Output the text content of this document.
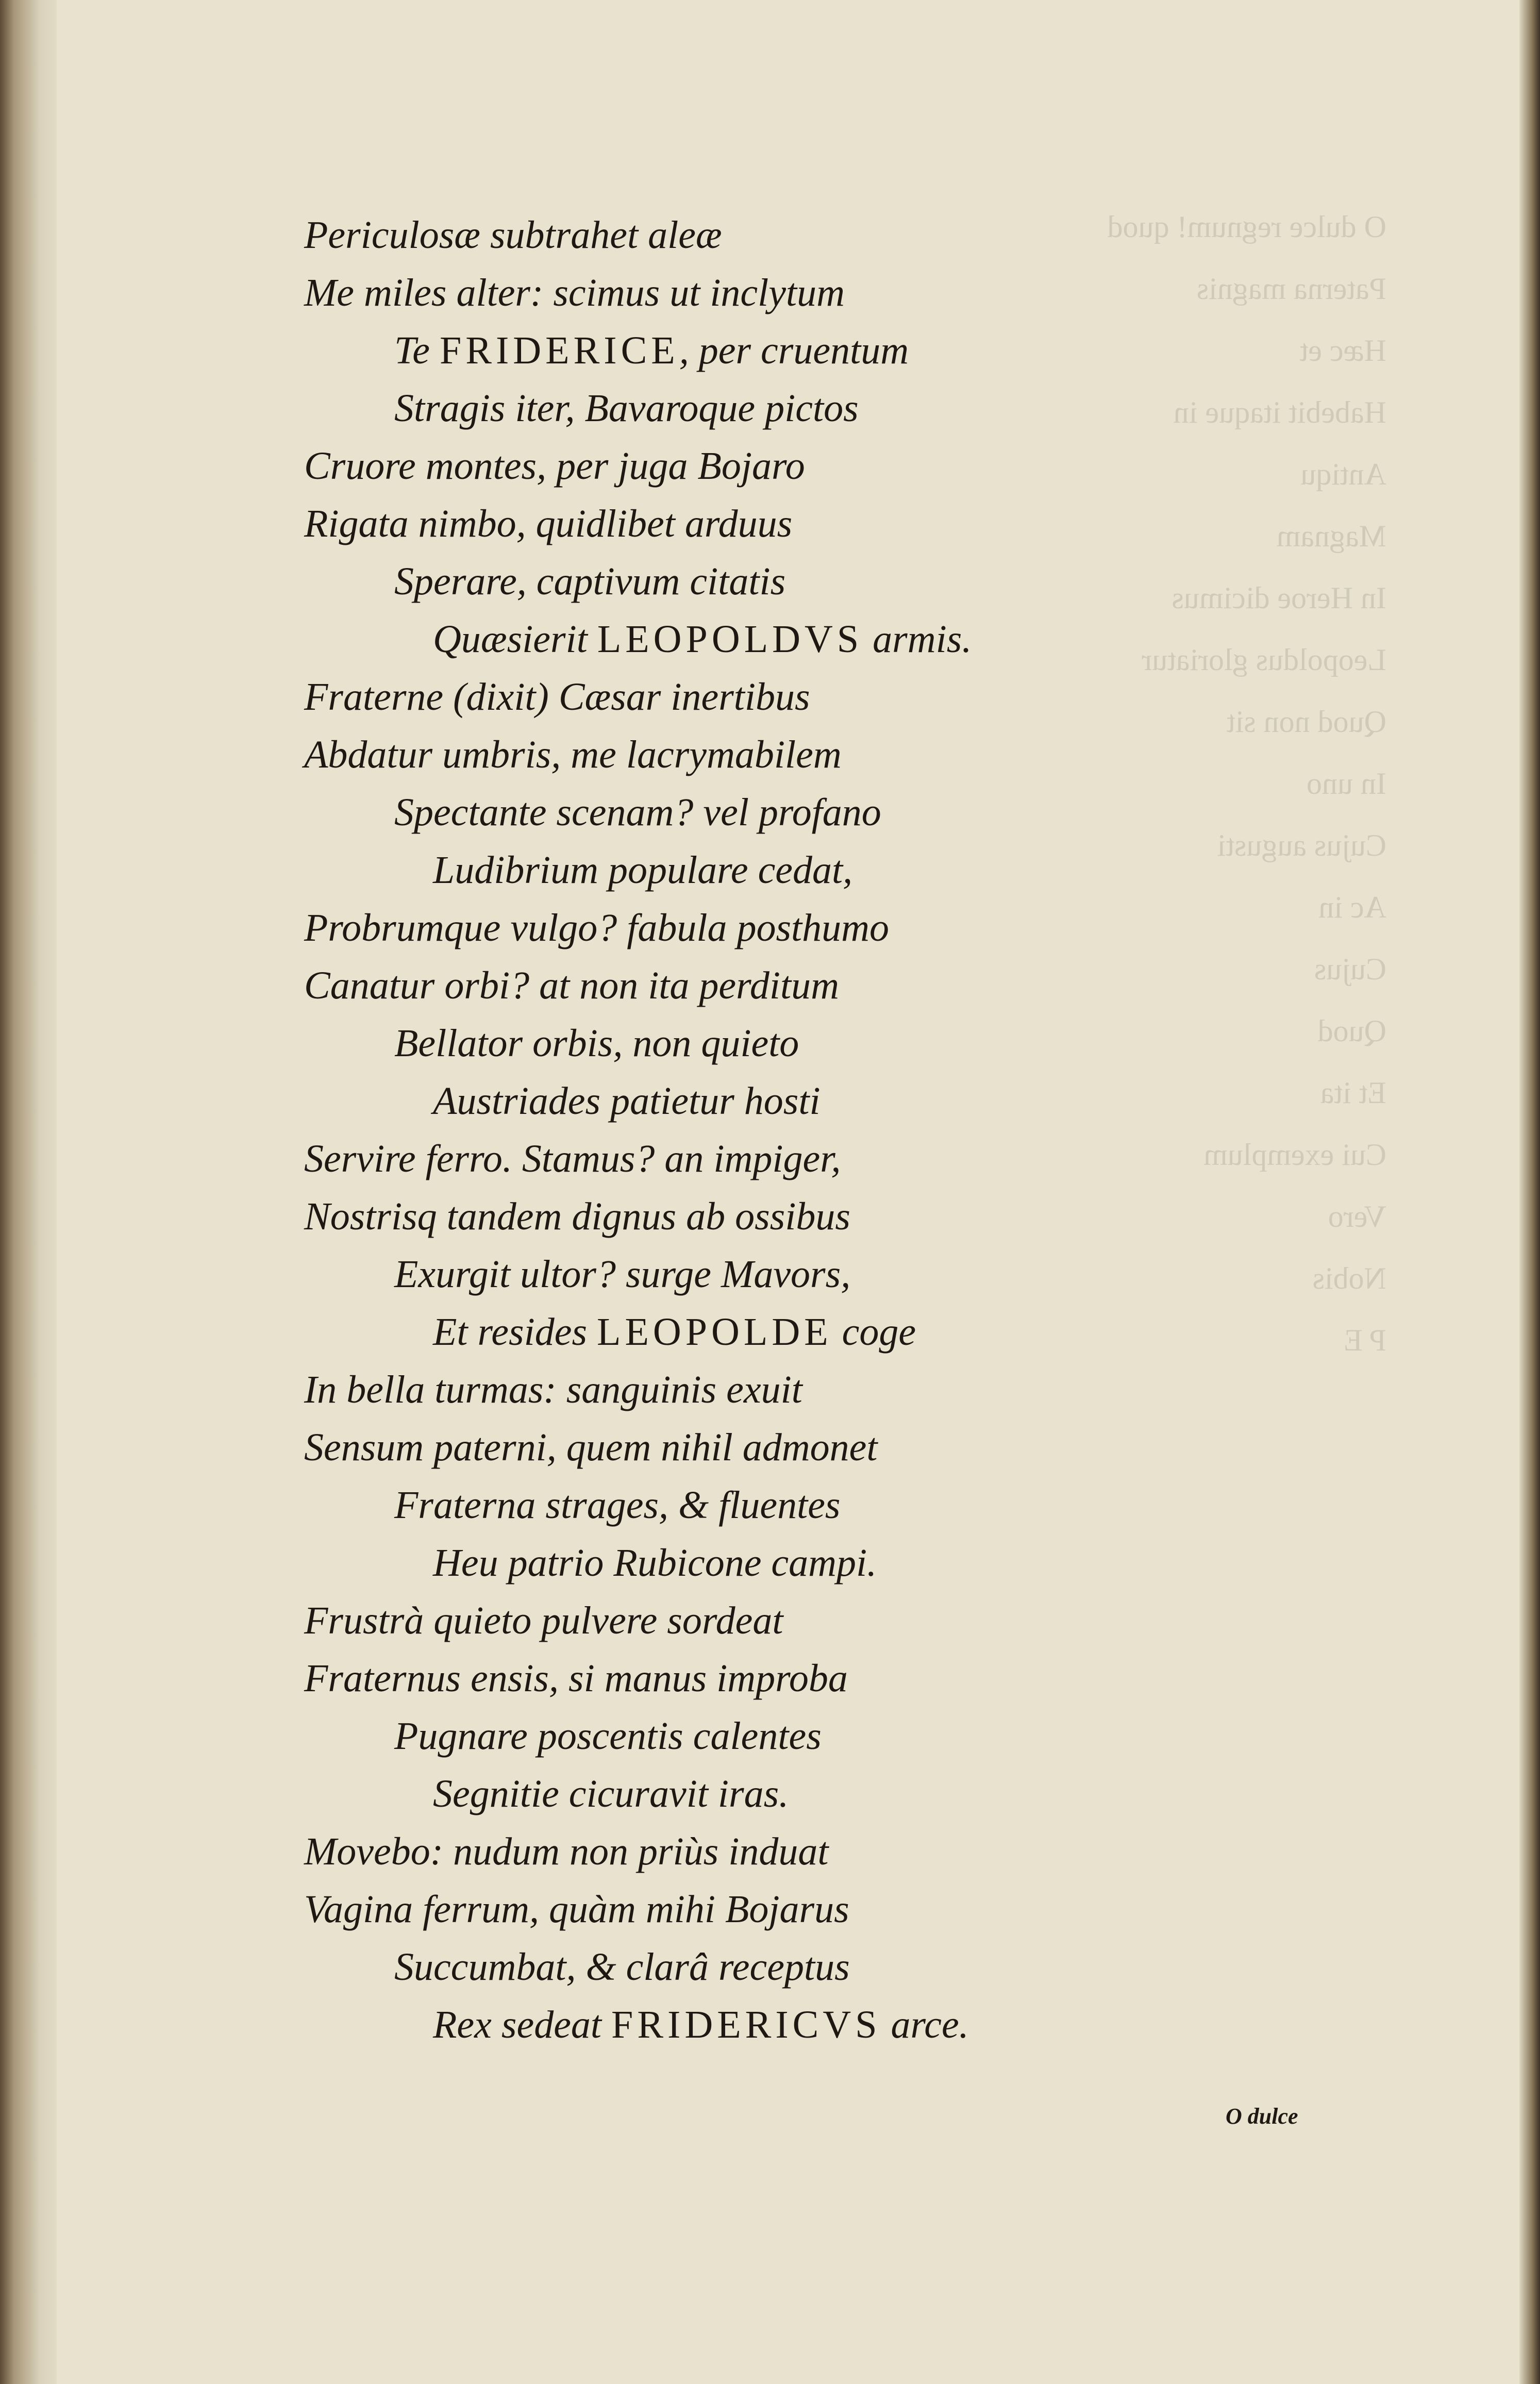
O dulce regnum! quod
Paterna magnis
Hæc et
Habebit itaque in
Antiqu
Magnam
In Heroe dicimus
Leopoldus gloriatur
Quod non sit
In uno
Cujus augusti
Ac in
Cujus
Quod
Et ita
Cui exemplum
Vero
Nobis
P E
Periculosæ subtrahet aleæ
Me miles alter: scimus ut inclytum
Te FRIDERICE, per cruentum
Stragis iter, Bavaroque pictos
Cruore montes, per juga Bojaro
Rigata nimbo, quidlibet arduus
Sperare, captivum citatis
Quæsierit LEOPOLDVS armis.
Fraterne (dixit) Cæsar inertibus
Abdatur umbris, me lacrymabilem
Spectante scenam? vel profano
Ludibrium populare cedat,
Probrumque vulgo? fabula posthumo
Canatur orbi? at non ita perditum
Bellator orbis, non quieto
Austriades patietur hosti
Servire ferro. Stamus? an impiger,
Nostrisq tandem dignus ab ossibus
Exurgit ultor? surge Mavors,
Et resides LEOPOLDE coge
In bella turmas: sanguinis exuit
Sensum paterni, quem nihil admonet
Fraterna strages, & fluentes
Heu patrio Rubicone campi.
Frustrà quieto pulvere sordeat
Fraternus ensis, si manus improba
Pugnare poscentis calentes
Segnitie cicuravit iras.
Movebo: nudum non priùs induat
Vagina ferrum, quàm mihi Bojarus
Succumbat, & clarâ receptus
Rex sedeat FRIDERICVS arce.
O dulce
